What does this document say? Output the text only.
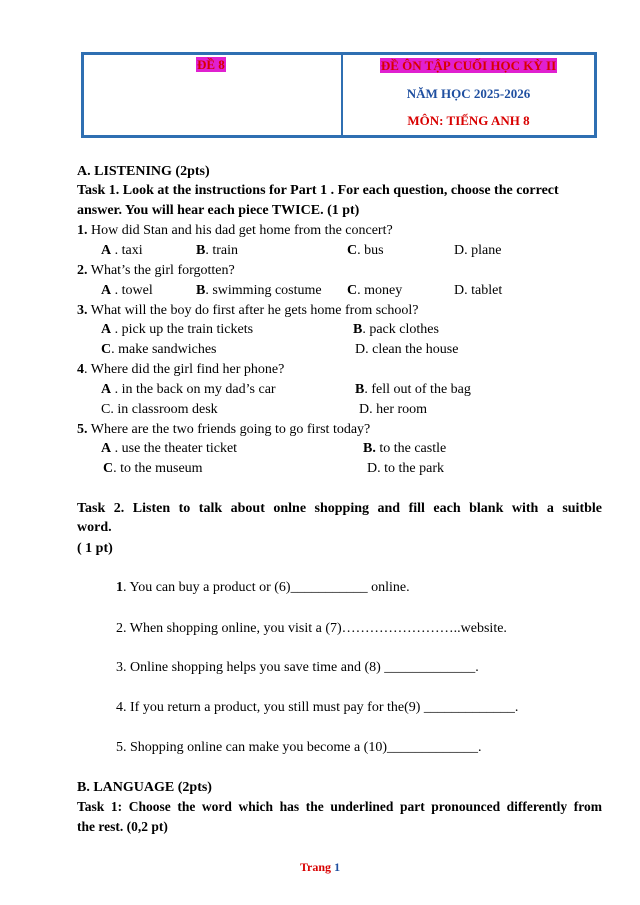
ĐỀ 8	ĐỀ ÔN TẬP CUỐI HỌC KỲ II
NĂM HỌC 2025-2026
MÔN: TIẾNG ANH 8
A. LISTENING (2pts)
Task 1. Look at the instructions for Part 1 . For each question, choose the correct
answer. You will hear each piece TWICE. (1 pt)
1. How did Stan and his dad get home from the concert?
A . taxi	B. train	C. bus	D. plane
2. What’s the girl forgotten?
A . towel	B. swimming costume C. money	D. tablet
3. What will the boy do first after he gets home from school?
A . pick up the train tickets	B. pack clothes
C. make sandwiches	D. clean the house
4. Where did the girl find her phone?
A . in the back on my dad’s car	B. fell out of the bag
C. in classroom desk	D. her room
5. Where are the two friends going to go first today?
A . use the theater ticket	B. to the castle
C. to the museum	D. to the park
Task 2. Listen to talk about onlne shopping and fill each blank with a suitble
word.
( 1 pt)
1. You can buy a product or (6)___________ online.
2. When shopping online, you visit a (7)……………………..website.
3. Online shopping helps you save time and (8) _____________.
4. If you return a product, you still must pay for the(9) _____________.
5. Shopping online can make you become a (10)_____________.
B. LANGUAGE (2pts)
Task 1: Choose the word which has the underlined part pronounced differently from
the rest. (0,2 pt)
Trang 1
